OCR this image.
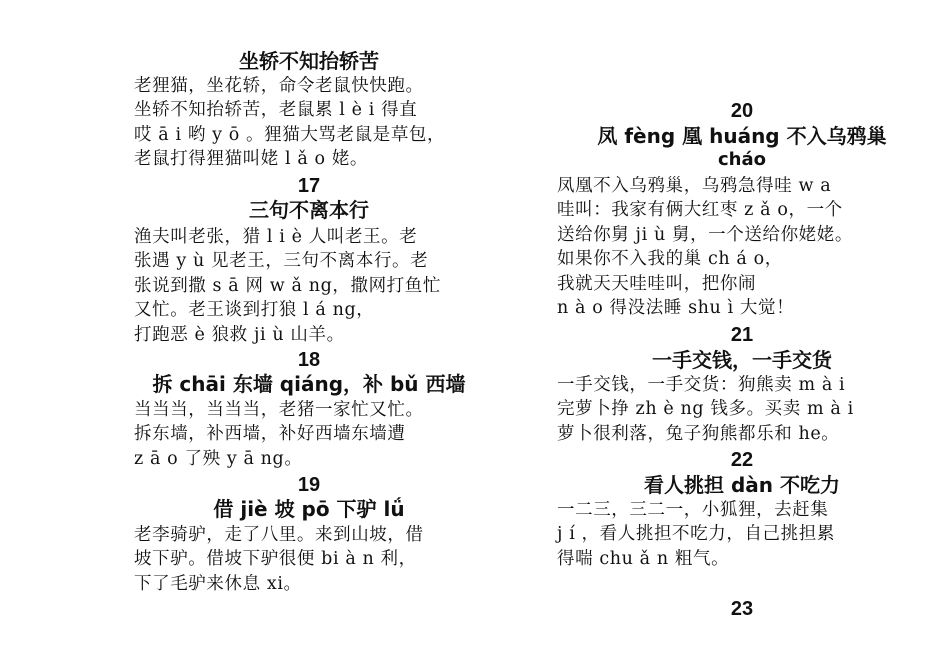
坐轿不知抬轿苦
老狸猫，坐花轿，命令老鼠快快跑。
坐轿不知抬轿苦，老鼠累 l è i 得直
哎 ā i 哟 y ō 。狸猫大骂老鼠是草包，
老鼠打得狸猫叫姥 l ǎ o 姥。
17
三句不离本行
渔夫叫老张，猎 l i è 人叫老王。老
张遇 y ù 见老王，三句不离本行。老
张说到撒 s ā 网 w ǎ ng，撒网打鱼忙
又忙。老王谈到打狼 l á ng，
打跑恶 è 狼救 ji ù 山羊。
18
拆 chāi 东墙 qiáng，补 bǔ 西墙
当当当，当当当，老猪一家忙又忙。
拆东墙，补西墙，补好西墙东墙遭
z ā o 了殃 y ā ng。
19
借 jiè 坡 pō 下驴 lǘ
老李骑驴，走了八里。来到山坡，借
坡下驴。借坡下驴很便 bi à n 利，
下了毛驴来休息 xi。
20
凤 fèng 凰 huáng 不入乌鸦巢
cháo
凤凰不入乌鸦巢，乌鸦急得哇 w a
哇叫：我家有俩大红枣 z ǎ o，一个
送给你舅 ji ù 舅，一个送给你姥姥。
如果你不入我的巢 ch á o，
我就天天哇哇叫，把你闹
n à o 得没法睡 shu ì 大觉！
21
一手交钱，一手交货
一手交钱，一手交货：狗熊卖 m à i
完萝卜挣 zh è ng 钱多。买卖 m à i
萝卜很利落，兔子狗熊都乐和 he。
22
看人挑担 dàn 不吃力
一二三，三二一，小狐狸，去赶集
j í ，看人挑担不吃力，自己挑担累
得喘 chu ǎ n 粗气。
23
